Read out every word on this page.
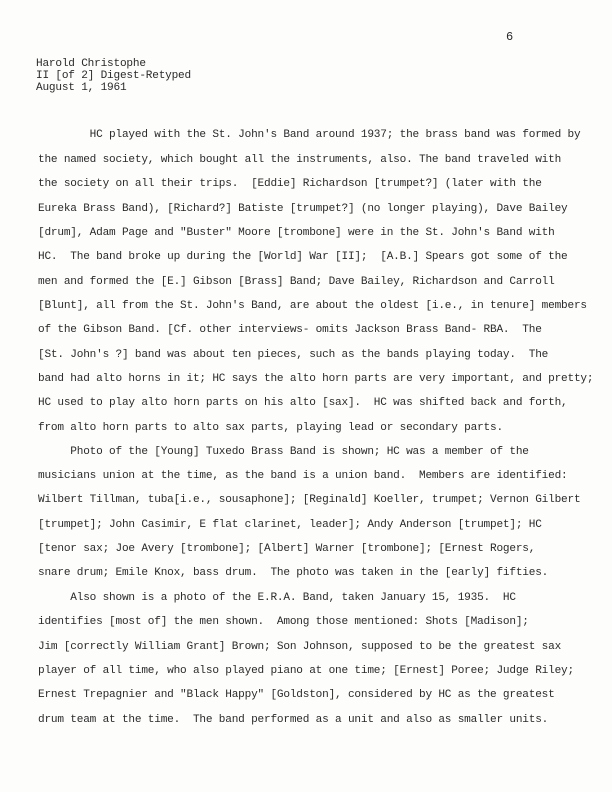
6
Harold Christophe
II [of 2] Digest-Retyped
August 1, 1961
HC played with the St. John's Band around 1937; the brass band was formed by
the named society, which bought all the instruments, also. The band traveled with
the society on all their trips.  [Eddie] Richardson [trumpet?] (later with the
Eureka Brass Band), [Richard?] Batiste [trumpet?] (no longer playing), Dave Bailey
[drum], Adam Page and "Buster" Moore [trombone] were in the St. John's Band with
HC.  The band broke up during the [World] War [II];  [A.B.] Spears got some of the
men and formed the [E.] Gibson [Brass] Band; Dave Bailey, Richardson and Carroll
[Blunt], all from the St. John's Band, are about the oldest [i.e., in tenure] members
of the Gibson Band. [Cf. other interviews- omits Jackson Brass Band- RBA.  The
[St. John's ?] band was about ten pieces, such as the bands playing today.  The
band had alto horns in it; HC says the alto horn parts are very important, and pretty;
HC used to play alto horn parts on his alto [sax].  HC was shifted back and forth,
from alto horn parts to alto sax parts, playing lead or secondary parts.
Photo of the [Young] Tuxedo Brass Band is shown; HC was a member of the
musicians union at the time, as the band is a union band.  Members are identified:
Wilbert Tillman, tuba[i.e., sousaphone]; [Reginald] Koeller, trumpet; Vernon Gilbert
[trumpet]; John Casimir, E flat clarinet, leader]; Andy Anderson [trumpet]; HC
[tenor sax; Joe Avery [trombone]; [Albert] Warner [trombone]; [Ernest Rogers,
snare drum; Emile Knox, bass drum.  The photo was taken in the [early] fifties.
Also shown is a photo of the E.R.A. Band, taken January 15, 1935.  HC
identifies [most of] the men shown.  Among those mentioned: Shots [Madison];
Jim [correctly William Grant] Brown; Son Johnson, supposed to be the greatest sax
player of all time, who also played piano at one time; [Ernest] Poree; Judge Riley;
Ernest Trepagnier and "Black Happy" [Goldston], considered by HC as the greatest
drum team at the time.  The band performed as a unit and also as smaller units.
